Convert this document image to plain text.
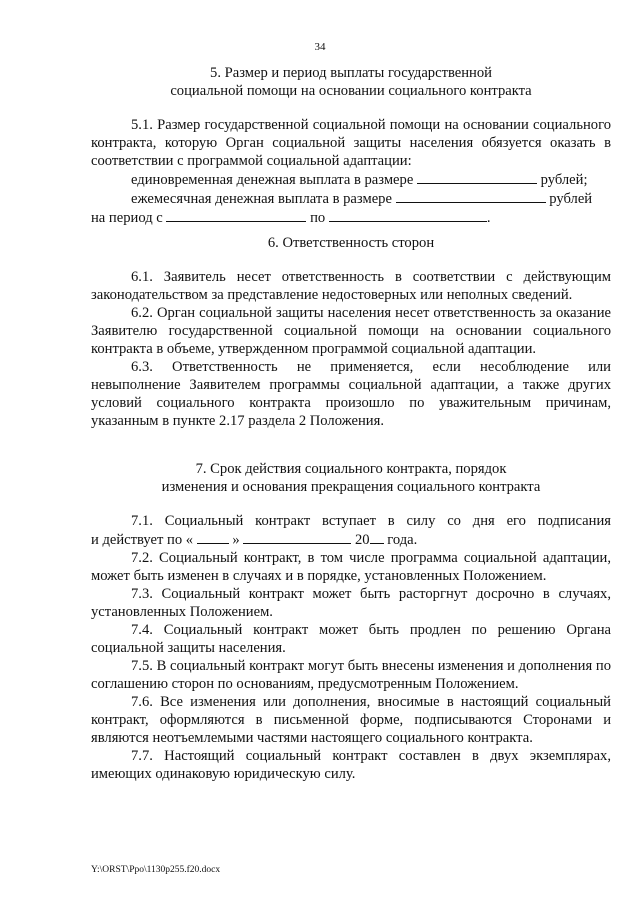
34
5. Размер и период выплаты государственной
социальной помощи на основании социального контракта

5.1. Размер государственной социальной помощи на основании социального контракта, которую Орган социальной защиты населения обязуется оказать в соответствии с программой социальной адаптации:

единовременная денежная выплата в размере	рублей;
ежемесячная денежная выплата в размере	рублей
на период с	по	.
6. Ответственность сторон

6.1. Заявитель несет ответственность в соответствии с действующим законодательством за представление недостоверных или неполных сведений.

6.2. Орган социальной защиты населения несет ответственность за оказание Заявителю государственной социальной помощи на основании социального контракта в объеме, утвержденном программой социальной адаптации.

6.3. Ответственность не применяется, если несоблюдение или невыполнение Заявителем программы социальной адаптации, а также других условий социального контракта произошло по уважительным причинам, указанным в пункте 2.17 раздела 2 Положения.

7. Срок действия социального контракта, порядок
изменения и основания прекращения социального контракта

7.1. Социальный контракт вступает в силу со дня его подписания

и действует по «	»	20 года.

7.2. Социальный контракт, в том числе программа социальной адаптации, может быть изменен в случаях и в порядке, установленных Положением.

7.3. Социальный контракт может быть расторгнут досрочно в случаях, установленных Положением.

7.4. Социальный контракт может быть продлен по решению Органа социальной защиты населения.

7.5. В социальный контракт могут быть внесены изменения и дополнения по соглашению сторон по основаниям, предусмотренным Положением.

7.6. Все изменения или дополнения, вносимые в настоящий социальный контракт, оформляются в письменной форме, подписываются Сторонами и являются неотъемлемыми частями настоящего социального контракта.

7.7. Настоящий социальный контракт составлен в двух экземплярах, имеющих одинаковую юридическую силу.

Y:\ORST\Ppo\1130p255.f20.docx
